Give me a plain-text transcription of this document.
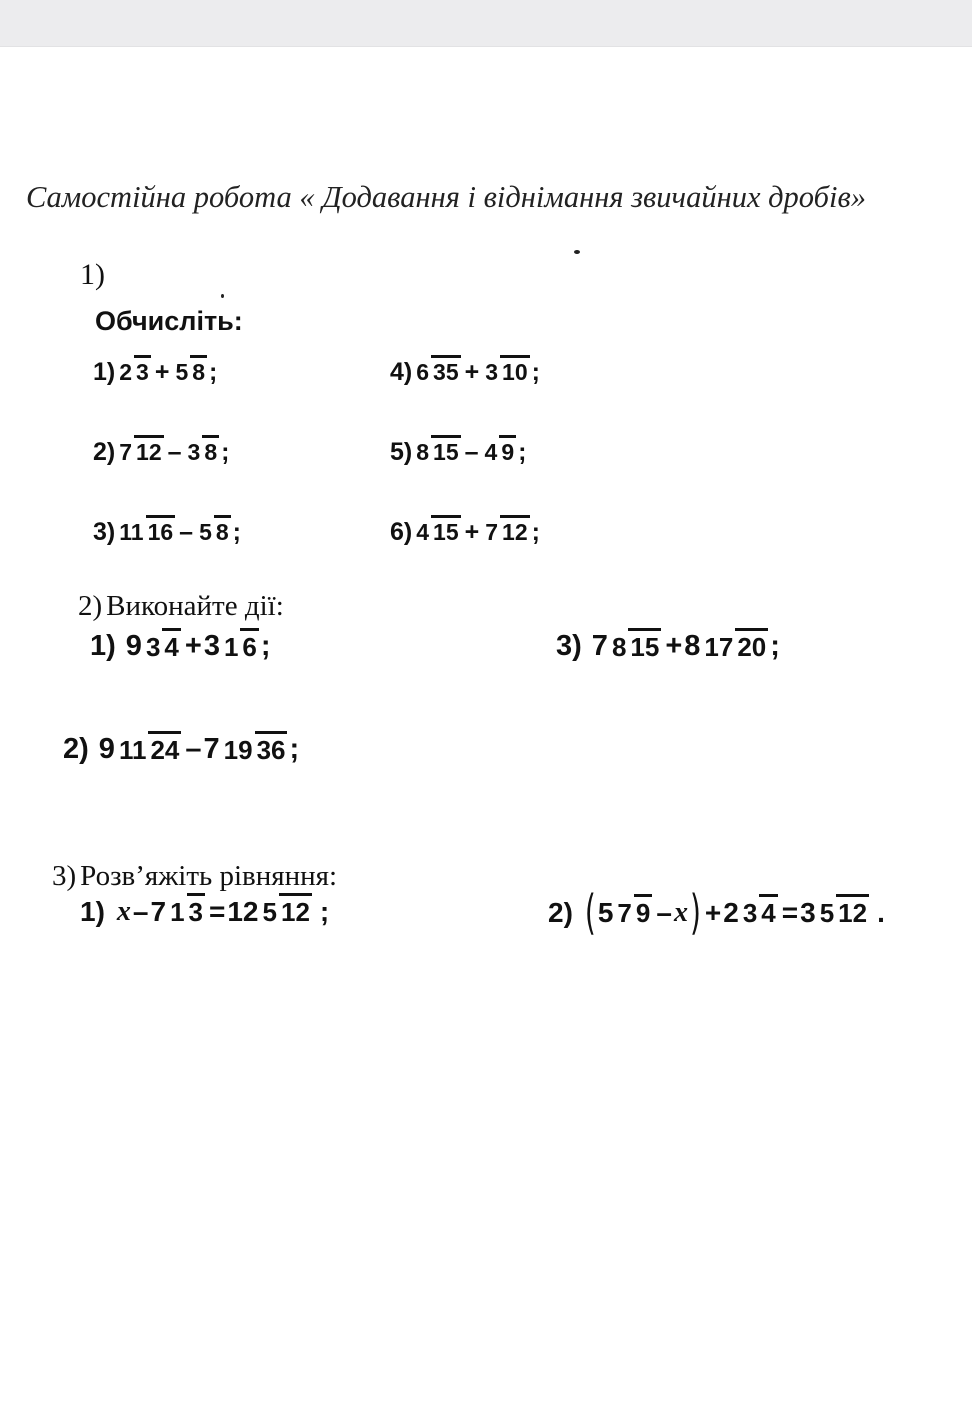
Самостійна робота « Додавання і віднімання звичайних дробів»
1)
Обчисліть:
1) 2 3 + 5 8 ;
2) 7 12 – 3 8 ;
3) 11 16 – 5 8 ;
4) 6 35 + 3 10 ;
5) 8 15 – 4 9 ;
6) 4 15 + 7 12 ;
2) Виконайте дії:
1) 9 3 4 + 3 1 6 ;
2) 9 11 24 – 7 19 36 ;
3) 7 8 15 + 8 17 20 ;
3) Розв’яжіть рівняння:
1) x – 7 1 3 = 12 5 12 ;	2) ( 5 7 9 – x ) + 2 3 4 = 3 5 12 .
